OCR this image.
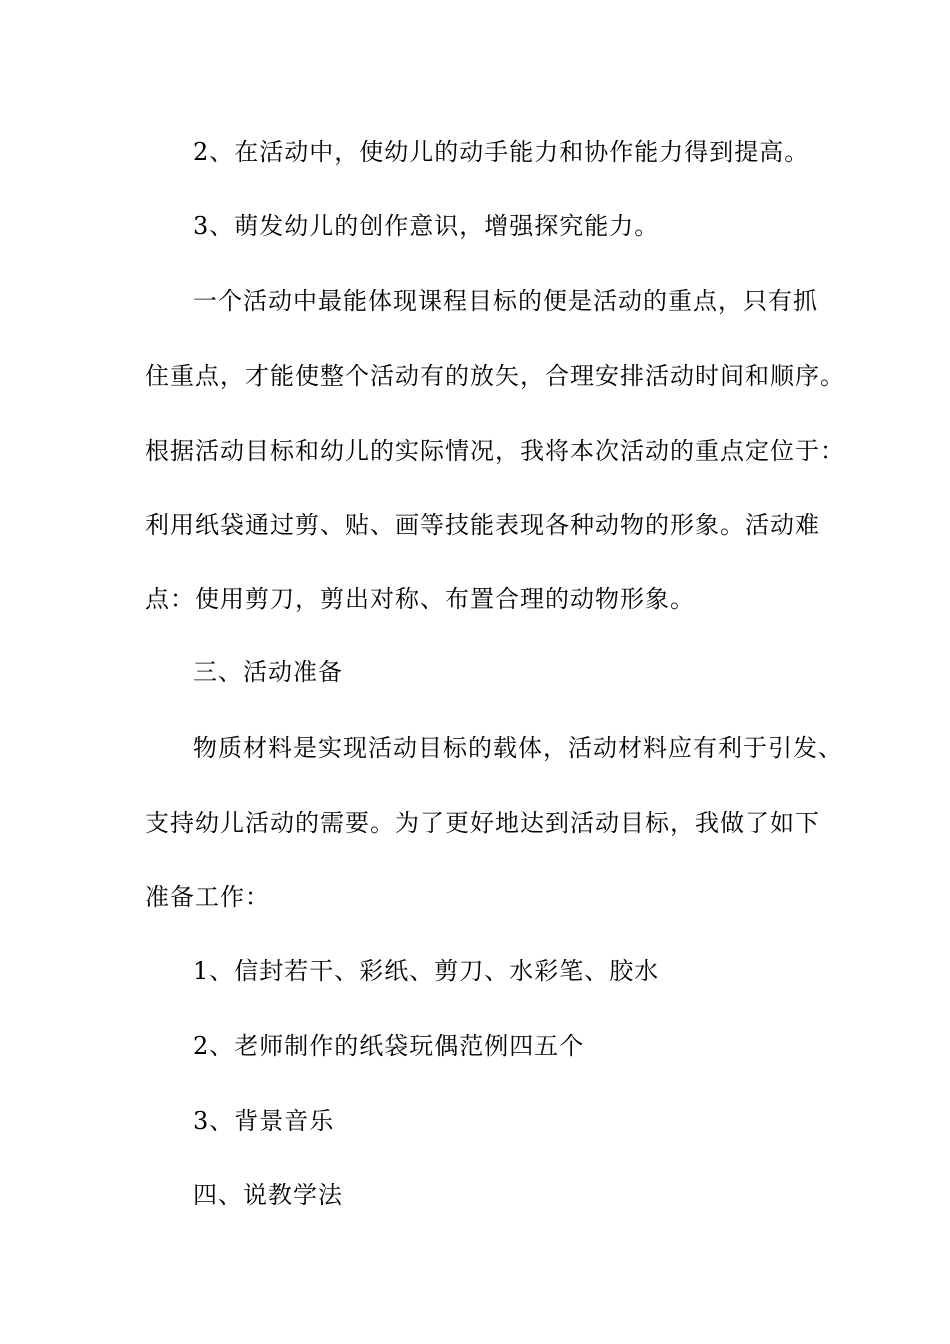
2、在活动中，使幼儿的动手能力和协作能力得到提高。
3、萌发幼儿的创作意识，增强探究能力。
一个活动中最能体现课程目标的便是活动的重点，只有抓
住重点，才能使整个活动有的放矢，合理安排活动时间和顺序。
根据活动目标和幼儿的实际情况，我将本次活动的重点定位于：
利用纸袋通过剪、贴、画等技能表现各种动物的形象。活动难
点：使用剪刀，剪出对称、布置合理的动物形象。
三、活动准备
物质材料是实现活动目标的载体，活动材料应有利于引发、
支持幼儿活动的需要。为了更好地达到活动目标，我做了如下
准备工作：
1、信封若干、彩纸、剪刀、水彩笔、胶水
2、老师制作的纸袋玩偶范例四五个
3、背景音乐
四、说教学法
